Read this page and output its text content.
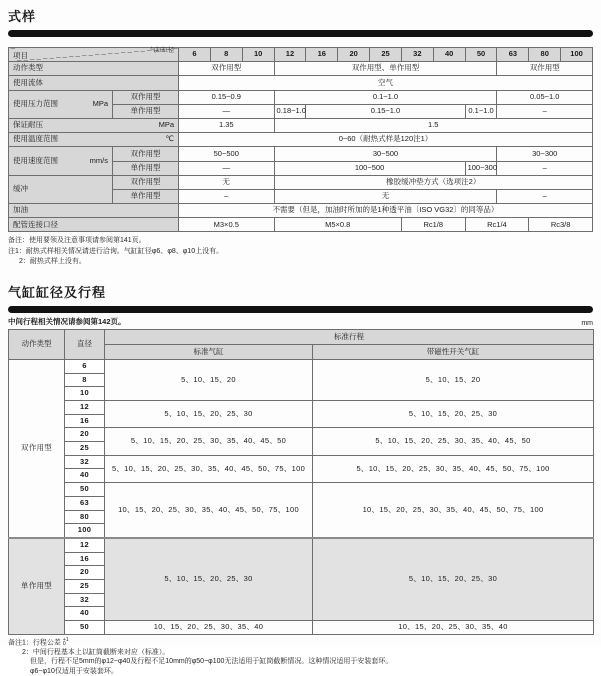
式样
项目 气缸缸径		6	8	10	12	16	20	25	32	40	50	63	80	100

动作类型		双作用型			双作用型、单作用型							双作用型		

使用流体		空气												

使用压力范围 MPa	双作用型	0.15~0.9			0.1~1.0							0.05~1.0		
	单作用型	—			0.18~1.0	0.15~1.0					0.1~1.0	–		

保证耐压 MPa		1.35			1.5									

使用温度范围 ℃		0~60（耐热式样是120注1）												

使用速度范围 mm/s	双作用型	50~500			30~500							30~300		
	单作用型	—			100~500						100~300	–		

缓冲	双作用型	无			橡胶缓冲垫方式（选项注2）									
	单作用型	–			无							–		

加油		不需要（但是，加油时所加的是1种透平油〔ISO VG32〕的同等品）												

配管连接口径		M3×0.5			M5×0.8				Rc1/8		Rc1/4		Rc3/8	
备注：使用要领及注意事项请参阅第141页。
注1：耐热式样相关情况请进行洽询。气缸缸径φ6、φ8、φ10上没有。
2：耐热式样上没有。
气缸缸径及行程
中间行程相关情况请参阅第142页。	mm
动作类型	直径	标准行程	
		标准气缸	带磁性开关气缸
双作用型	6	5、10、15、20	5、10、15、20
	8		
	10		
	12	5、10、15、20、25、30	5、10、15、20、25、30
	16		
	20	5、10、15、20、25、30、35、40、45、50	5、10、15、20、25、30、35、40、45、50
	25		
	32	5、10、15、20、25、30、35、40、45、50、75、100	5、10、15、20、25、30、35、40、45、50、75、100
	40		
	50	10、15、20、25、30、35、40、45、50、75、100	10、15、20、25、30、35、40、45、50、75、100
	63		
	80		
	100		
单作用型	12	5、10、15、20、25、30	5、10、15、20、25、30
	16		
	20		
	25		
	32		
	40		
	50	10、15、20、25、30、35、40	10、15、20、25、30、35、40
备注1：行程公差 +1
0
2：中间行程基本上以缸筒截断来对应（标准）。
但是，行程不足5mm的φ12~φ40及行程不足10mm的φ50~φ100无法适用于缸筒截断情况。这种情况适用于安装套环。
φ6~φ10仅适用于安装套环。
